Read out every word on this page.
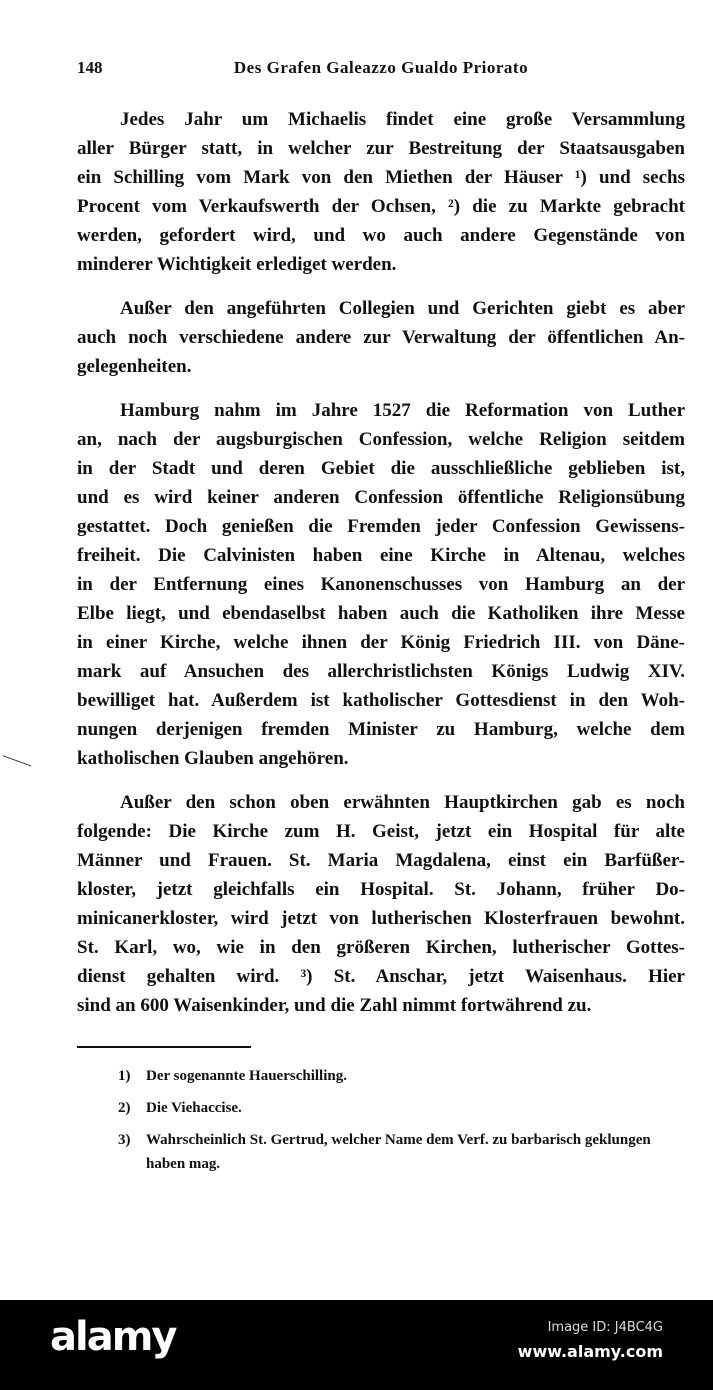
148	Des Grafen Galeazzo Gualdo Priorato
Jedes Jahr um Michaelis findet eine große Versammlung
aller Bürger statt, in welcher zur Bestreitung der Staatsausgaben
ein Schilling vom Mark von den Miethen der Häuser ¹) und sechs
Procent vom Verkaufswerth der Ochsen, ²) die zu Markte gebracht
werden, gefordert wird, und wo auch andere Gegenstände von
minderer Wichtigkeit erlediget werden.
Außer den angeführten Collegien und Gerichten giebt es aber
auch noch verschiedene andere zur Verwaltung der öffentlichen An-
gelegenheiten.
Hamburg nahm im Jahre 1527 die Reformation von Luther
an, nach der augsburgischen Confession, welche Religion seitdem
in der Stadt und deren Gebiet die ausschließliche geblieben ist,
und es wird keiner anderen Confession öffentliche Religionsübung
gestattet. Doch genießen die Fremden jeder Confession Gewissens-
freiheit. Die Calvinisten haben eine Kirche in Altenau, welches
in der Entfernung eines Kanonenschusses von Hamburg an der
Elbe liegt, und ebendaselbst haben auch die Katholiken ihre Messe
in einer Kirche, welche ihnen der König Friedrich III. von Däne-
mark auf Ansuchen des allerchristlichsten Königs Ludwig XIV.
bewilliget hat. Außerdem ist katholischer Gottesdienst in den Woh-
nungen derjenigen fremden Minister zu Hamburg, welche dem
katholischen Glauben angehören.
Außer den schon oben erwähnten Hauptkirchen gab es noch
folgende: Die Kirche zum H. Geist, jetzt ein Hospital für alte
Männer und Frauen. St. Maria Magdalena, einst ein Barfüßer-
kloster, jetzt gleichfalls ein Hospital. St. Johann, früher Do-
minicanerkloster, wird jetzt von lutherischen Klosterfrauen bewohnt.
St. Karl, wo, wie in den größeren Kirchen, lutherischer Gottes-
dienst gehalten wird. ³) St. Anschar, jetzt Waisenhaus. Hier
sind an 600 Waisenkinder, und die Zahl nimmt fortwährend zu.
1)	Der sogenannte Hauerschilling.
2)	Die Viehaccise.
3)	Wahrscheinlich St. Gertrud, welcher Name dem Verf. zu barbarisch geklungen haben mag.
alamy	Image ID: J4BC4G
www.alamy.com
